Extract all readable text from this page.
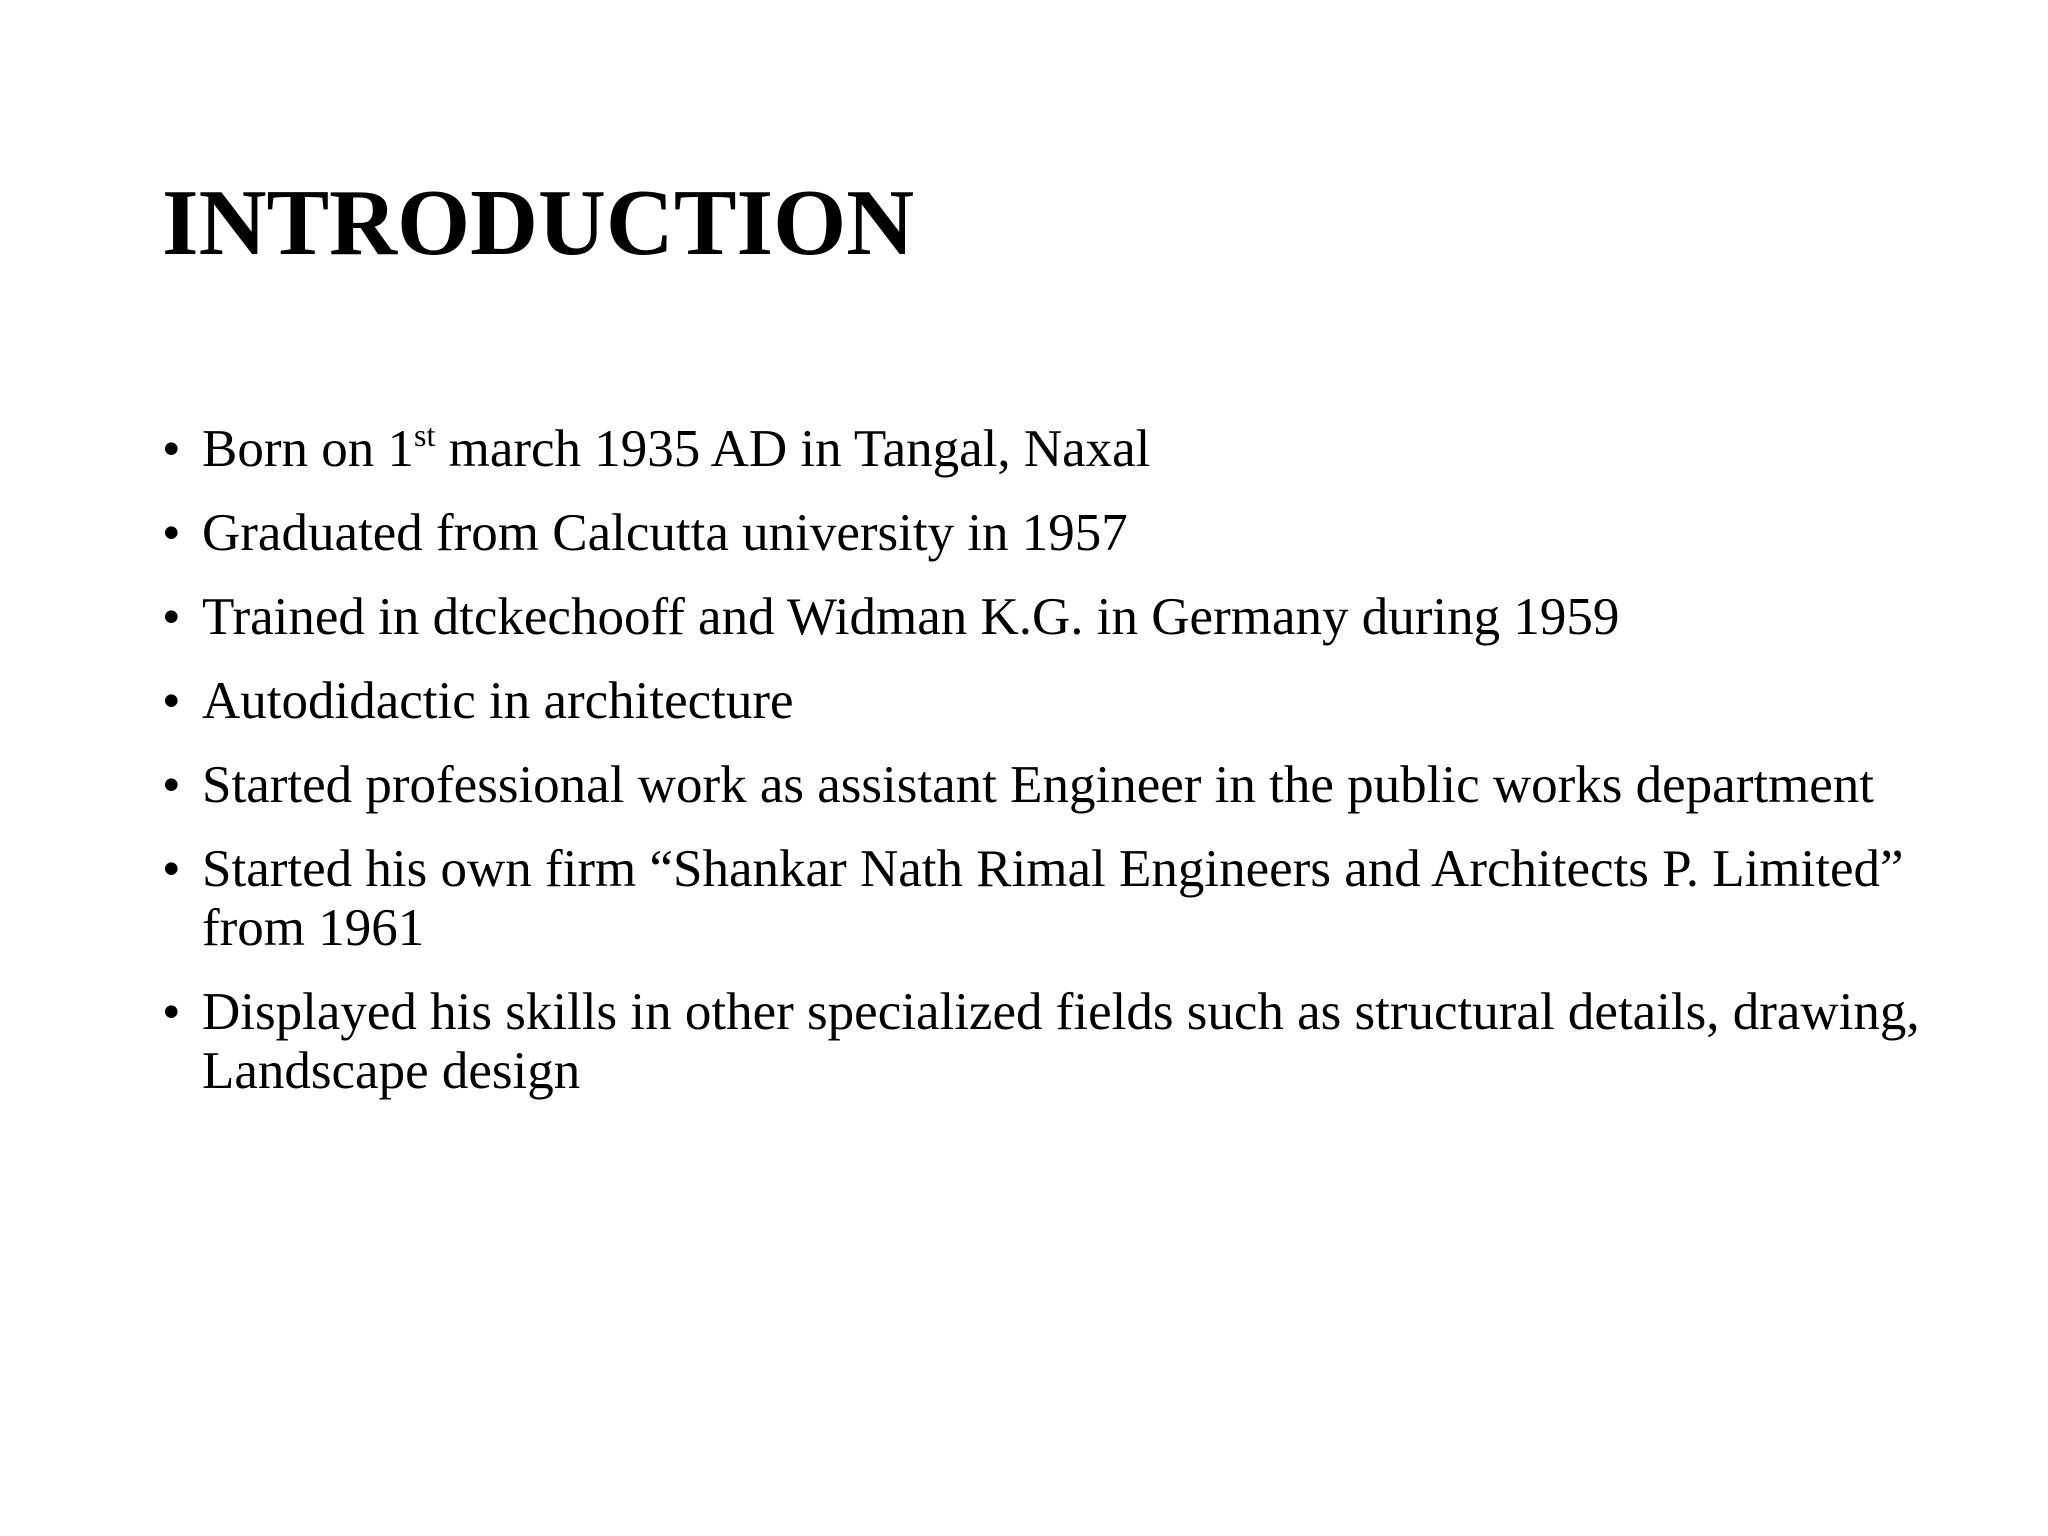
INTRODUCTION
• Born on 1st march 1935 AD in Tangal, Naxal
• Graduated from Calcutta university in 1957
• Trained in dtckechooff and Widman K.G. in Germany during 1959
• Autodidactic in architecture
• Started professional work as assistant Engineer in the public works department
• Started his own firm “Shankar Nath Rimal Engineers and Architects P. Limited” from 1961
• Displayed his skills in other specialized fields such as structural details, drawing, Landscape design
